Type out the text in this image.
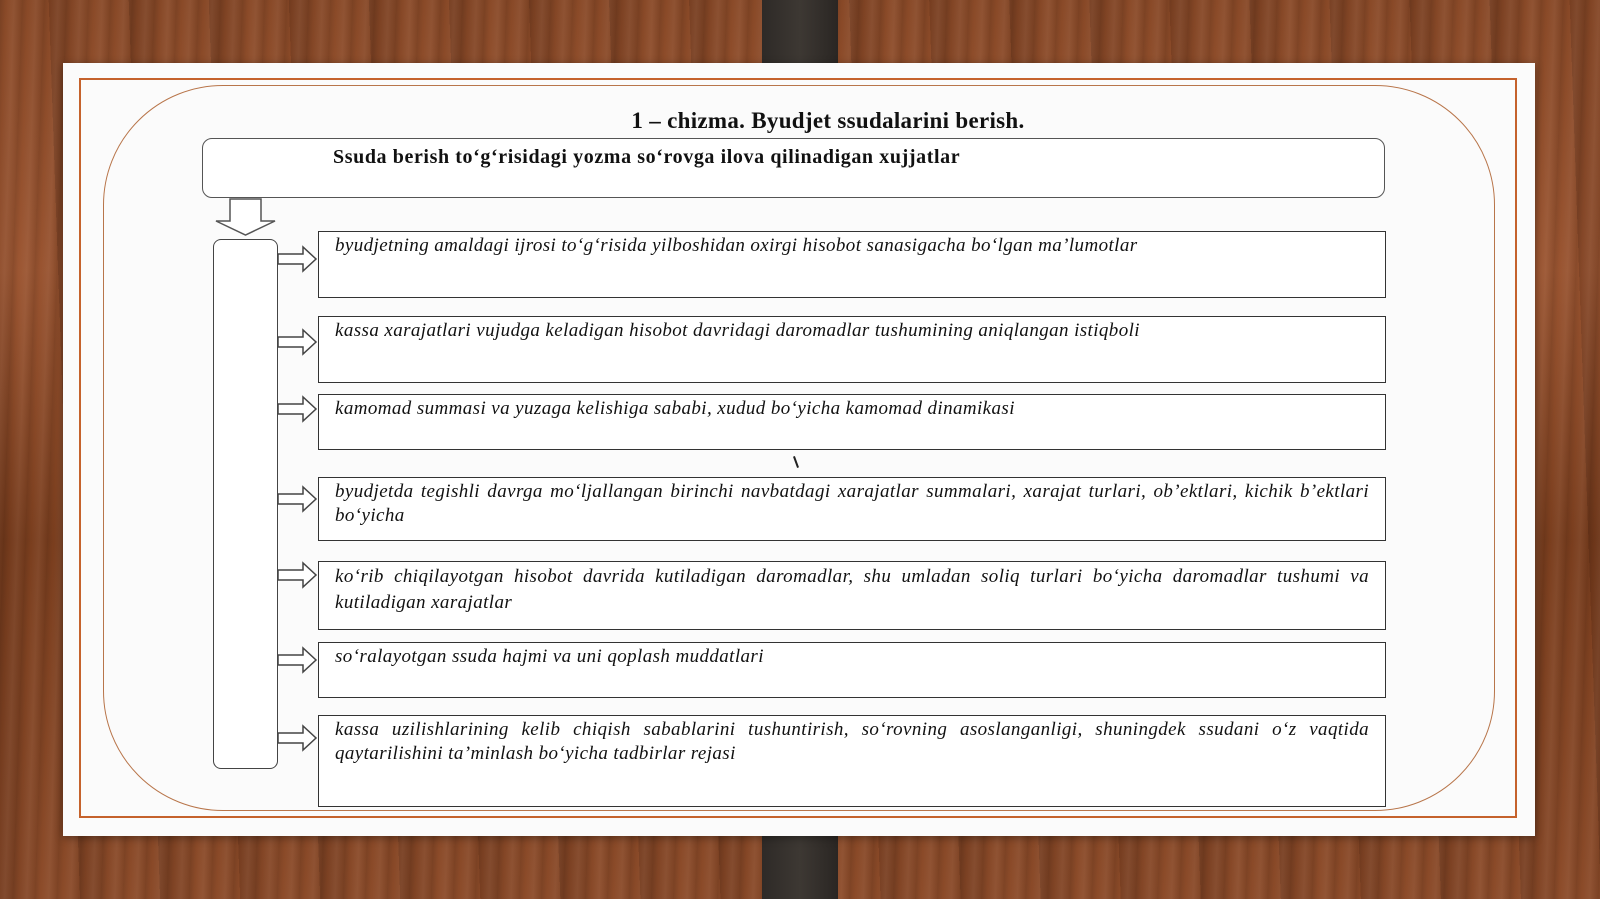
1 – chizma. Byudjet ssudalarini berish.
Ssuda berish to‘g‘risidagi yozma so‘rovga ilova qilinadigan xujjatlar
byudjetning amaldagi ijrosi to‘g‘risida yilboshidan oxirgi hisobot sanasigacha bo‘lgan ma’lumotlar
kassa xarajatlari vujudga keladigan hisobot davridagi daromadlar tushumining aniqlangan istiqboli
kamomad summasi va yuzaga kelishiga sababi, xudud bo‘yicha kamomad dinamikasi
byudjetda tegishli davrga mo‘ljallangan birinchi navbatdagi xarajatlar summalari, xarajat turlari, ob’ektlari, kichik b’ektlari bo‘yicha
ko‘rib chiqilayotgan hisobot davrida kutiladigan daromadlar, shu umladan soliq turlari bo‘yicha daromadlar tushumi va kutiladigan xarajatlar
so‘ralayotgan ssuda hajmi va uni qoplash muddatlari
kassa uzilishlarining kelib chiqish sabablarini tushuntirish, so‘rovning asoslanganligi, shuningdek ssudani o‘z vaqtida qaytarilishini ta’minlash bo‘yicha tadbirlar rejasi
